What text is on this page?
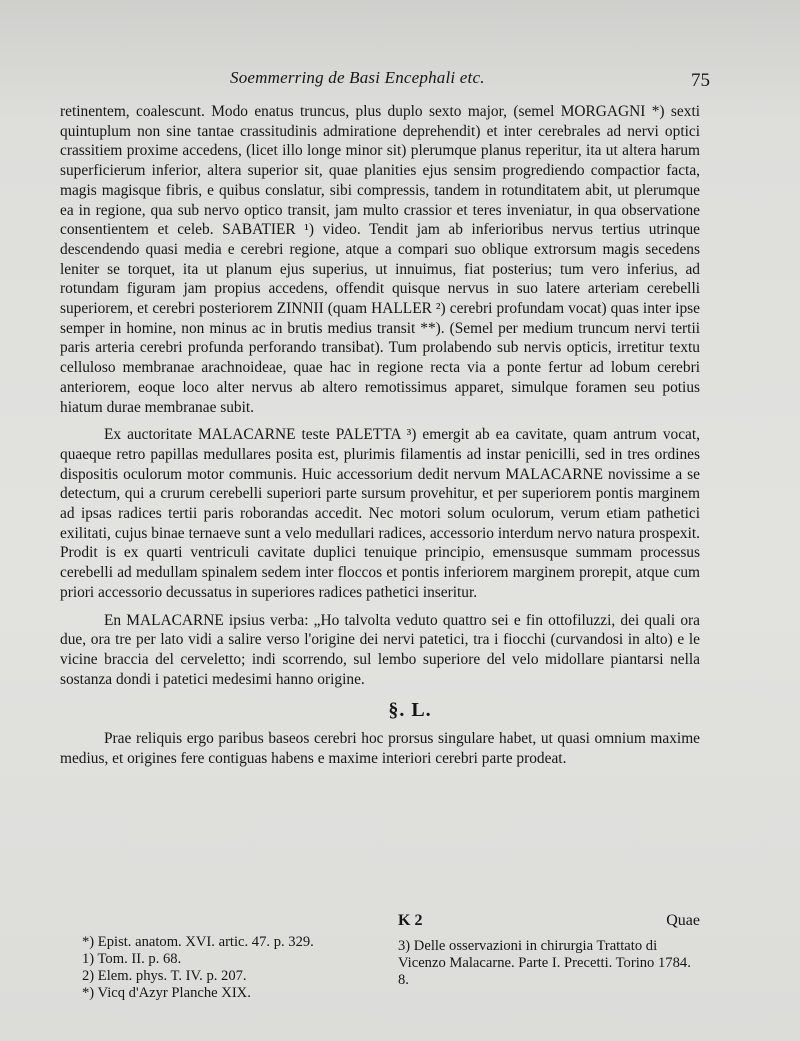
Soemmerring de Basi Encephali etc.	75

retinentem, coalescunt. Modo enatus truncus, plus duplo sexto major, (semel MORGAGNI *) sexti quintuplum non sine tantae crassitudinis admiratione deprehendit) et inter cerebrales ad nervi optici crassitiem proxime accedens, (licet illo longe minor sit) plerumque planus reperitur, ita ut altera harum superficierum inferior, altera superior sit, quae planities ejus sensim progrediendo compactior facta, magis magisque fibris, e quibus conslatur, sibi compressis, tandem in rotunditatem abit, ut plerumque ea in regione, qua sub nervo optico transit, jam multo crassior et teres inveniatur, in qua observatione consentientem et celeb. SABATIER ¹) video. Tendit jam ab inferioribus nervus tertius utrinque descendendo quasi media e cerebri regione, atque a compari suo oblique extrorsum magis secedens leniter se torquet, ita ut planum ejus superius, ut innuimus, fiat posterius; tum vero inferius, ad rotundam figuram jam propius accedens, offendit quisque nervus in suo latere arteriam cerebelli superiorem, et cerebri posteriorem ZINNII (quam HALLER ²) cerebri profundam vocat) quas inter ipse semper in homine, non minus ac in brutis medius transit **). (Semel per medium truncum nervi tertii paris arteria cerebri profunda perforando transibat). Tum prolabendo sub nervis opticis, irretitur textu celluloso membranae arachnoideae, quae hac in regione recta via a ponte fertur ad lobum cerebri anteriorem, eoque loco alter nervus ab altero remotissimus apparet, simulque foramen seu potius hiatum durae membranae subit.

Ex auctoritate MALACARNE teste PALETTA ³) emergit ab ea cavitate, quam antrum vocat, quaeque retro papillas medullares posita est, plurimis filamentis ad instar penicilli, sed in tres ordines dispositis oculorum motor communis. Huic accessorium dedit nervum MALACARNE novissime a se detectum, qui a crurum cerebelli superiori parte sursum provehitur, et per superiorem pontis marginem ad ipsas radices tertii paris roborandas accedit. Nec motori solum oculorum, verum etiam pathetici exilitati, cujus binae ternaeve sunt a velo medullari radices, accessorio interdum nervo natura prospexit. Prodit is ex quarti ventriculi cavitate duplici tenuique principio, emensusque summam processus cerebelli ad medullam spinalem sedem inter floccos et pontis inferiorem marginem prorepit, atque cum priori accessorio decussatus in superiores radices pathetici inseritur.

En MALACARNE ipsius verba: „Ho talvolta veduto quattro sei e fin ottofiluzzi, dei quali ora due, ora tre per lato vidi a salire verso l'origine dei nervi patetici, tra i fiocchi (curvandosi in alto) e le vicine braccia del cerveletto; indi scorrendo, sul lembo superiore del velo midollare piantarsi nella sostanza dondi i patetici medesimi hanno origine.

§. L.

Prae reliquis ergo paribus baseos cerebri hoc prorsus singulare habet, ut quasi omnium maxime medius, et origines fere contiguas habens e maxime interiori cerebri parte prodeat.

K 2	Quae
*) Epist. anatom. XVI. artic. 47. p. 329.
1) Tom. II. p. 68.
2) Elem. phys. T. IV. p. 207.
*) Vicq d'Azyr Planche XIX.
3) Delle osservazioni in chirurgia Trattato di Vicenzo Malacarne. Parte I. Precetti. Torino 1784. 8.
